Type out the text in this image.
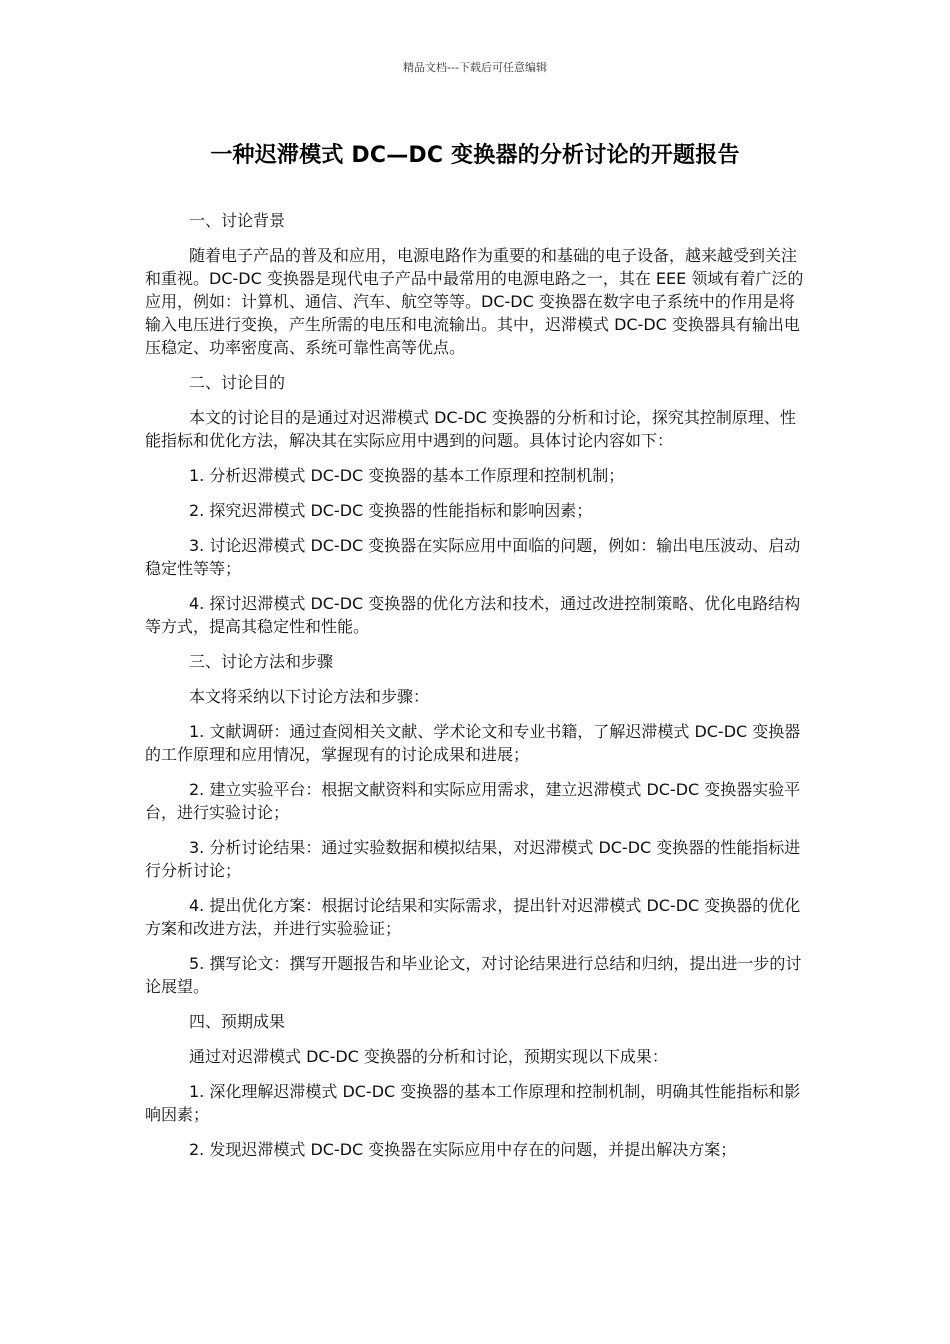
精品文档---下载后可任意编辑
一种迟滞模式 DC—DC 变换器的分析讨论的开题报告

一、讨论背景

随着电子产品的普及和应用，电源电路作为重要的和基础的电子设备，越来越受到关注和重视。DC-DC 变换器是现代电子产品中最常用的电源电路之一，其在 EEE 领域有着广泛的应用，例如：计算机、通信、汽车、航空等等。DC-DC 变换器在数字电子系统中的作用是将输入电压进行变换，产生所需的电压和电流输出。其中，迟滞模式 DC-DC 变换器具有输出电压稳定、功率密度高、系统可靠性高等优点。

二、讨论目的

本文的讨论目的是通过对迟滞模式 DC-DC 变换器的分析和讨论，探究其控制原理、性能指标和优化方法，解决其在实际应用中遇到的问题。具体讨论内容如下：

1. 分析迟滞模式 DC-DC 变换器的基本工作原理和控制机制；

2. 探究迟滞模式 DC-DC 变换器的性能指标和影响因素；

3. 讨论迟滞模式 DC-DC 变换器在实际应用中面临的问题，例如：输出电压波动、启动稳定性等等；

4. 探讨迟滞模式 DC-DC 变换器的优化方法和技术，通过改进控制策略、优化电路结构等方式，提高其稳定性和性能。

三、讨论方法和步骤

本文将采纳以下讨论方法和步骤：

1. 文献调研：通过查阅相关文献、学术论文和专业书籍，了解迟滞模式 DC-DC 变换器的工作原理和应用情况，掌握现有的讨论成果和进展；

2. 建立实验平台：根据文献资料和实际应用需求，建立迟滞模式 DC-DC 变换器实验平台，进行实验讨论；

3. 分析讨论结果：通过实验数据和模拟结果，对迟滞模式 DC-DC 变换器的性能指标进行分析讨论；

4. 提出优化方案：根据讨论结果和实际需求，提出针对迟滞模式 DC-DC 变换器的优化方案和改进方法，并进行实验验证；

5. 撰写论文：撰写开题报告和毕业论文，对讨论结果进行总结和归纳，提出进一步的讨论展望。

四、预期成果

通过对迟滞模式 DC-DC 变换器的分析和讨论，预期实现以下成果：

1. 深化理解迟滞模式 DC-DC 变换器的基本工作原理和控制机制，明确其性能指标和影响因素；

2. 发现迟滞模式 DC-DC 变换器在实际应用中存在的问题，并提出解决方案；
